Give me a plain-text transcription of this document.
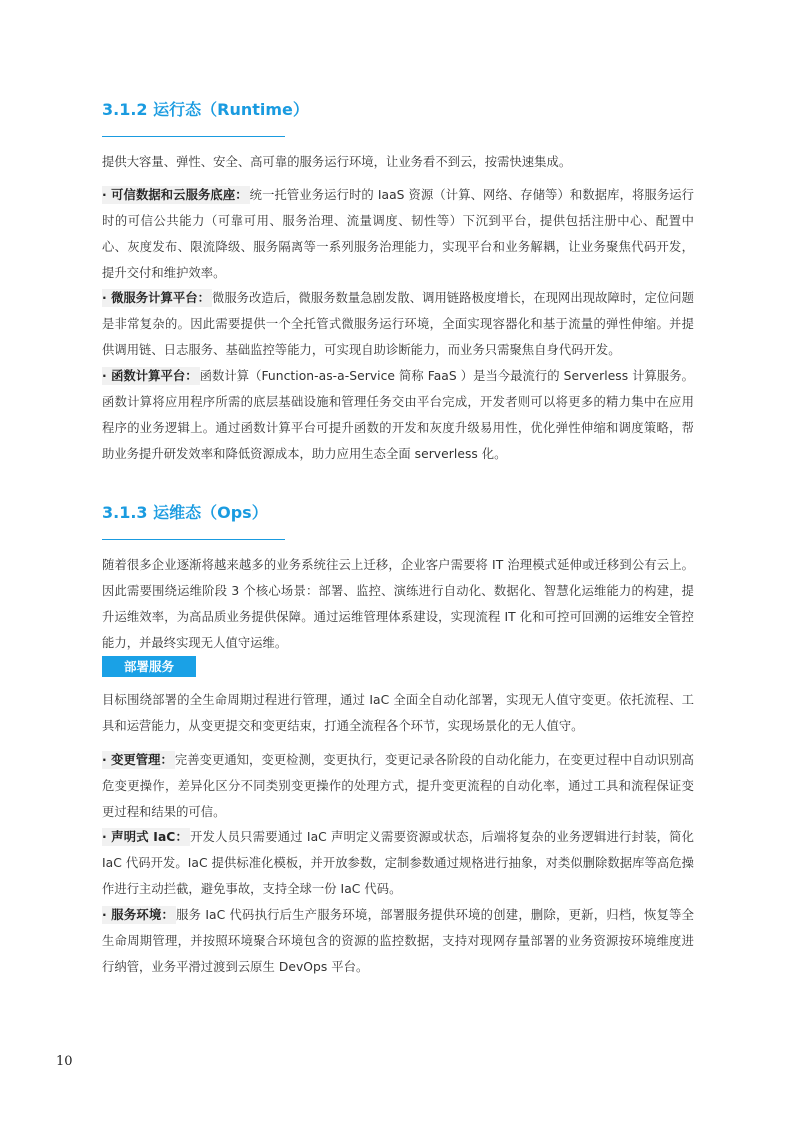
3.1.2 运行态（Runtime）

提供大容量、弹性、安全、高可靠的服务运行环境，让业务看不到云，按需快速集成。

· 可信数据和云服务底座： 统一托管业务运行时的 IaaS 资源（计算、网络、存储等）和数据库，将服务运行时的可信公共能力（可靠可用、服务治理、流量调度、韧性等）下沉到平台，提供包括注册中心、配置中心、灰度发布、限流降级、服务隔离等一系列服务治理能力，实现平台和业务解耦，让业务聚焦代码开发，提升交付和维护效率。

· 微服务计算平台： 微服务改造后，微服务数量急剧发散、调用链路极度增长，在现网出现故障时，定位问题是非常复杂的。因此需要提供一个全托管式微服务运行环境，全面实现容器化和基于流量的弹性伸缩。并提供调用链、日志服务、基础监控等能力，可实现自助诊断能力，而业务只需聚焦自身代码开发。

· 函数计算平台： 函数计算（Function-as-a-Service 简称 FaaS ）是当今最流行的 Serverless 计算服务。函数计算将应用程序所需的底层基础设施和管理任务交由平台完成，开发者则可以将更多的精力集中在应用程序的业务逻辑上。通过函数计算平台可提升函数的开发和灰度升级易用性，优化弹性伸缩和调度策略，帮助业务提升研发效率和降低资源成本，助力应用生态全面 serverless 化。

3.1.3 运维态（Ops）

随着很多企业逐渐将越来越多的业务系统往云上迁移，企业客户需要将 IT 治理模式延伸或迁移到公有云上。因此需要围绕运维阶段 3 个核心场景：部署、监控、演练进行自动化、数据化、智慧化运维能力的构建，提升运维效率，为高品质业务提供保障。通过运维管理体系建设，实现流程 IT 化和可控可回溯的运维安全管控能力，并最终实现无人值守运维。

部署服务

目标围绕部署的全生命周期过程进行管理，通过 IaC 全面全自动化部署，实现无人值守变更。依托流程、工具和运营能力，从变更提交和变更结束，打通全流程各个环节，实现场景化的无人值守。

· 变更管理： 完善变更通知，变更检测，变更执行，变更记录各阶段的自动化能力，在变更过程中自动识别高危变更操作，差异化区分不同类别变更操作的处理方式，提升变更流程的自动化率，通过工具和流程保证变更过程和结果的可信。

· 声明式 IaC： 开发人员只需要通过 IaC 声明定义需要资源或状态，后端将复杂的业务逻辑进行封装，简化 IaC 代码开发。IaC 提供标准化模板，并开放参数，定制参数通过规格进行抽象，对类似删除数据库等高危操作进行主动拦截，避免事故，支持全球一份 IaC 代码。

· 服务环境： 服务 IaC 代码执行后生产服务环境，部署服务提供环境的创建，删除，更新，归档，恢复等全生命周期管理，并按照环境聚合环境包含的资源的监控数据，支持对现网存量部署的业务资源按环境维度进行纳管，业务平滑过渡到云原生 DevOps 平台。

10
